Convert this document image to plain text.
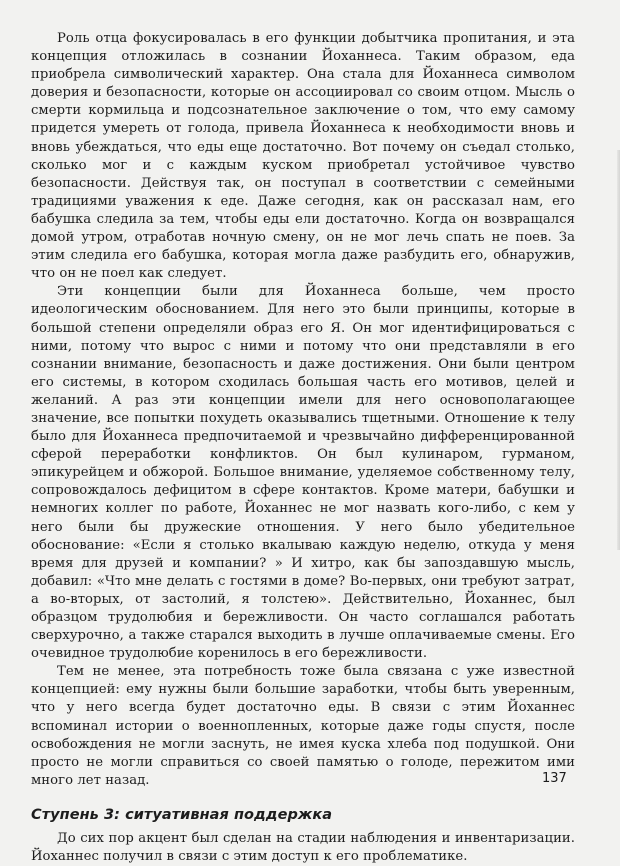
Роль отца фокусировалась в его функции добытчика пропитания, и эта концепция отложилась в сознании Йоханнеса. Таким образом, еда приобрела символический характер. Она стала для Йоханнеса символом доверия и безопасности, которые он ассоциировал со своим отцом. Мысль о смерти кормильца и подсознательное заключение о том, что ему самому придется умереть от голода, привела Йоханнеса к необходимости вновь и вновь убеждаться, что еды еще достаточно. Вот почему он съедал столько, сколько мог и с каждым куском приобретал устойчивое чувство безопасности. Действуя так, он поступал в соответствии с семейными традициями уважения к еде. Даже сегодня, как он рассказал нам, его бабушка следила за тем, чтобы еды ели достаточно. Когда он возвращался домой утром, отработав ночную смену, он не мог лечь спать не поев. За этим следила его бабушка, которая могла даже разбудить его, обнаружив, что он не поел как следует.

Эти концепции были для Йоханнеса больше, чем просто идеологическим обоснованием. Для него это были принципы, которые в большой степени определяли образ его Я. Он мог идентифицироваться с ними, потому что вырос с ними и потому что они представляли в его сознании внимание, безопасность и даже достижения. Они были центром его системы, в котором сходилась большая часть его мотивов, целей и желаний. А раз эти концепции имели для него основополагающее значение, все попытки похудеть оказывались тщетными. Отношение к телу было для Йоханнеса предпочитаемой и чрезвычайно дифференцированной сферой переработки конфликтов. Он был кулинаром, гурманом, эпикурейцем и обжорой. Большое внимание, уделяемое собственному телу, сопровождалось дефицитом в сфере контактов. Кроме матери, бабушки и немногих коллег по работе, Йоханнес не мог назвать кого-либо, с кем у него были бы дружеские отношения. У него было убедительное обоснование: «Если я столько вкалываю каждую неделю, откуда у меня время для друзей и компании? » И хитро, как бы запоздавшую мысль, добавил: «Что мне делать с гостями в доме? Во-первых, они требуют затрат, а во-вторых, от застолий, я толстею». Действительно, Йоханнес, был образцом трудолюбия и бережливости. Он часто соглашался работать сверхурочно, а также старался выходить в лучше оплачиваемые смены. Его очевидное трудолюбие коренилось в его бережливости.

Тем не менее, эта потребность тоже была связана с уже известной концепцией: ему нужны были большие заработки, чтобы быть уверенным, что у него всегда будет достаточно еды. В связи с этим Йоханнес вспоминал истории о военнопленных, которые даже годы спустя, после освобождения не могли заснуть, не имея куска хлеба под подушкой. Они просто не могли справиться со своей памятью о голоде, пережитом ими много лет назад.

Ступень 3: ситуативная поддержка

До сих пор акцент был сделан на стадии наблюдения и инвентаризации. Йоханнес получил в связи с этим доступ к его проблематике.

137
